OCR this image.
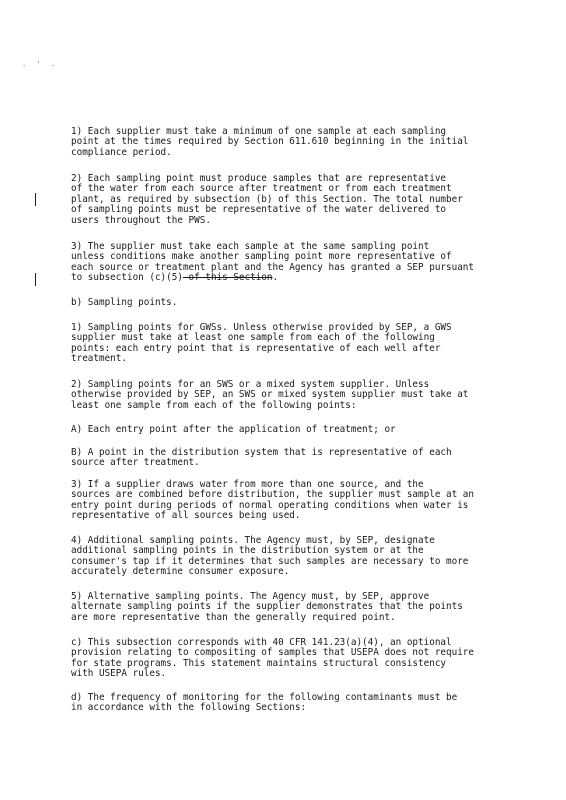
. ' .

1) Each supplier must take a minimum of one sample at each sampling
point at the times required by Section 611.610 beginning in the initial
compliance period.

2) Each sampling point must produce samples that are representative
of the water from each source after treatment or from each treatment
plant, as required by subsection (b) of this Section. The total number
of sampling points must be representative of the water delivered to
users throughout the PWS.

3) The supplier must take each sample at the same sampling point
unless conditions make another sampling point more representative of
each source or treatment plant and the Agency has granted a SEP pursuant
to subsection (c)(5) of this Section.

b) Sampling points.

1) Sampling points for GWSs. Unless otherwise provided by SEP, a GWS
supplier must take at least one sample from each of the following
points: each entry point that is representative of each well after
treatment.

2) Sampling points for an SWS or a mixed system supplier. Unless
otherwise provided by SEP, an SWS or mixed system supplier must take at
least one sample from each of the following points:

A) Each entry point after the application of treatment; or

B) A point in the distribution system that is representative of each
source after treatment.

3) If a supplier draws water from more than one source, and the
sources are combined before distribution, the supplier must sample at an
entry point during periods of normal operating conditions when water is
representative of all sources being used.

4) Additional sampling points. The Agency must, by SEP, designate
additional sampling points in the distribution system or at the
consumer's tap if it determines that such samples are necessary to more
accurately determine consumer exposure.

5) Alternative sampling points. The Agency must, by SEP, approve
alternate sampling points if the supplier demonstrates that the points
are more representative than the generally required point.

c) This subsection corresponds with 40 CFR 141.23(a)(4), an optional
provision relating to compositing of samples that USEPA does not require
for state programs. This statement maintains structural consistency
with USEPA rules.

d) The frequency of monitoring for the following contaminants must be
in accordance with the following Sections:
